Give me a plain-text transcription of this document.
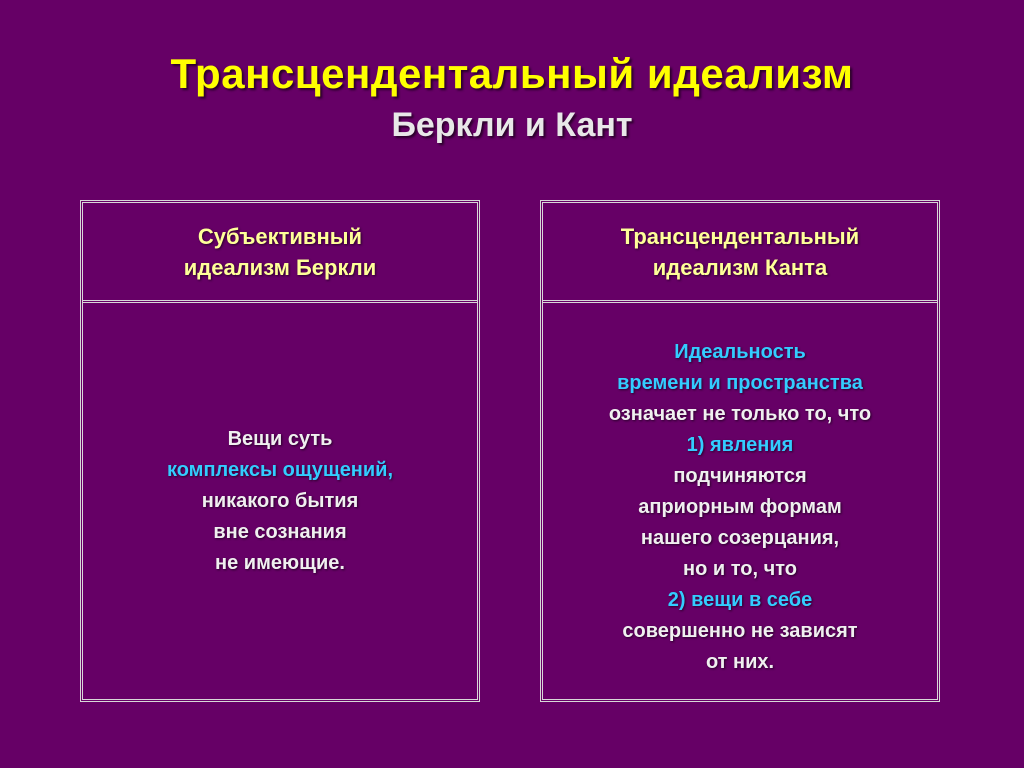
Трансцендентальный идеализм
Беркли и Кант
Субъективный
идеализм Беркли
Вещи суть
комплексы ощущений,
никакого бытия
вне сознания
не имеющие.
Трансцендентальный
идеализм Канта
Идеальность
времени и пространства
означает не только то, что
1) явления
подчиняются
априорным формам
нашего созерцания,
но и то, что
2) вещи в себе
совершенно не зависят
от них.
